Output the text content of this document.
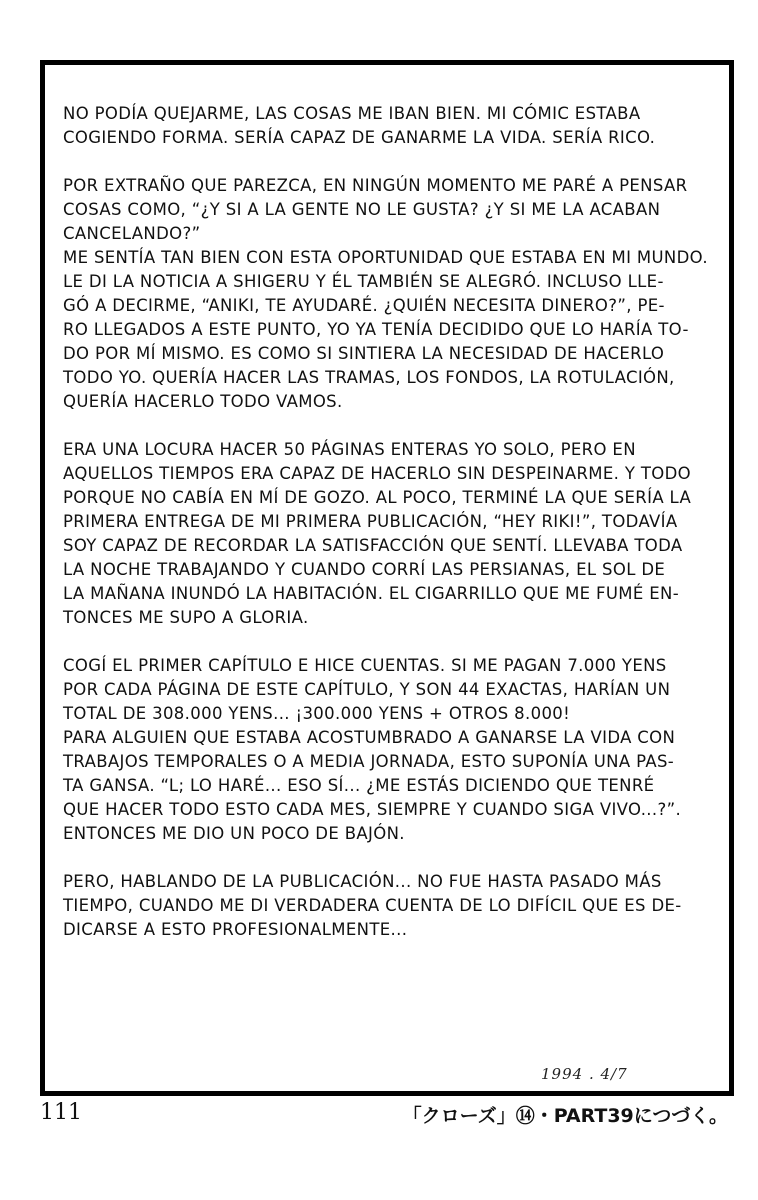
NO PODÍA QUEJARME, LAS COSAS ME IBAN BIEN. MI CÓMIC ESTABA
COGIENDO FORMA. SERÍA CAPAZ DE GANARME LA VIDA. SERÍA RICO.

POR EXTRAÑO QUE PAREZCA, EN NINGÚN MOMENTO ME PARÉ A PENSAR
COSAS COMO, “¿Y SI A LA GENTE NO LE GUSTA? ¿Y SI ME LA ACABAN
CANCELANDO?”

ME SENTÍA TAN BIEN CON ESTA OPORTUNIDAD QUE ESTABA EN MI MUNDO.
LE DI LA NOTICIA A SHIGERU Y ÉL TAMBIÉN SE ALEGRÓ. INCLUSO LLE-
GÓ A DECIRME, “ANIKI, TE AYUDARÉ. ¿QUIÉN NECESITA DINERO?”, PE-
RO LLEGADOS A ESTE PUNTO, YO YA TENÍA DECIDIDO QUE LO HARÍA TO-
DO POR MÍ MISMO. ES COMO SI SINTIERA LA NECESIDAD DE HACERLO
TODO YO. QUERÍA HACER LAS TRAMAS, LOS FONDOS, LA ROTULACIÓN,
QUERÍA HACERLO TODO VAMOS.

ERA UNA LOCURA HACER 50 PÁGINAS ENTERAS YO SOLO, PERO EN
AQUELLOS TIEMPOS ERA CAPAZ DE HACERLO SIN DESPEINARME. Y TODO
PORQUE NO CABÍA EN MÍ DE GOZO. AL POCO, TERMINÉ LA QUE SERÍA LA
PRIMERA ENTREGA DE MI PRIMERA PUBLICACIÓN, “HEY RIKI!”, TODAVÍA
SOY CAPAZ DE RECORDAR LA SATISFACCIÓN QUE SENTÍ. LLEVABA TODA
LA NOCHE TRABAJANDO Y CUANDO CORRÍ LAS PERSIANAS, EL SOL DE
LA MAÑANA INUNDÓ LA HABITACIÓN. EL CIGARRILLO QUE ME FUMÉ EN-
TONCES ME SUPO A GLORIA.

COGÍ EL PRIMER CAPÍTULO E HICE CUENTAS. SI ME PAGAN 7.000 YENS
POR CADA PÁGINA DE ESTE CAPÍTULO, Y SON 44 EXACTAS, HARÍAN UN
TOTAL DE 308.000 YENS... ¡300.000 YENS + OTROS 8.000!

PARA ALGUIEN QUE ESTABA ACOSTUMBRADO A GANARSE LA VIDA CON
TRABAJOS TEMPORALES O A MEDIA JORNADA, ESTO SUPONÍA UNA PAS-
TA GANSA. “L; LO HARÉ... ESO SÍ... ¿ME ESTÁS DICIENDO QUE TENRÉ
QUE HACER TODO ESTO CADA MES, SIEMPRE Y CUANDO SIGA VIVO...?”.
ENTONCES ME DIO UN POCO DE BAJÓN.

PERO, HABLANDO DE LA PUBLICACIÓN... NO FUE HASTA PASADO MÁS
TIEMPO, CUANDO ME DI VERDADERA CUENTA DE LO DIFÍCIL QUE ES DE-
DICARSE A ESTO PROFESIONALMENTE...

1994 . 4/7
111	「クローズ」⑭・PART39につづく。
